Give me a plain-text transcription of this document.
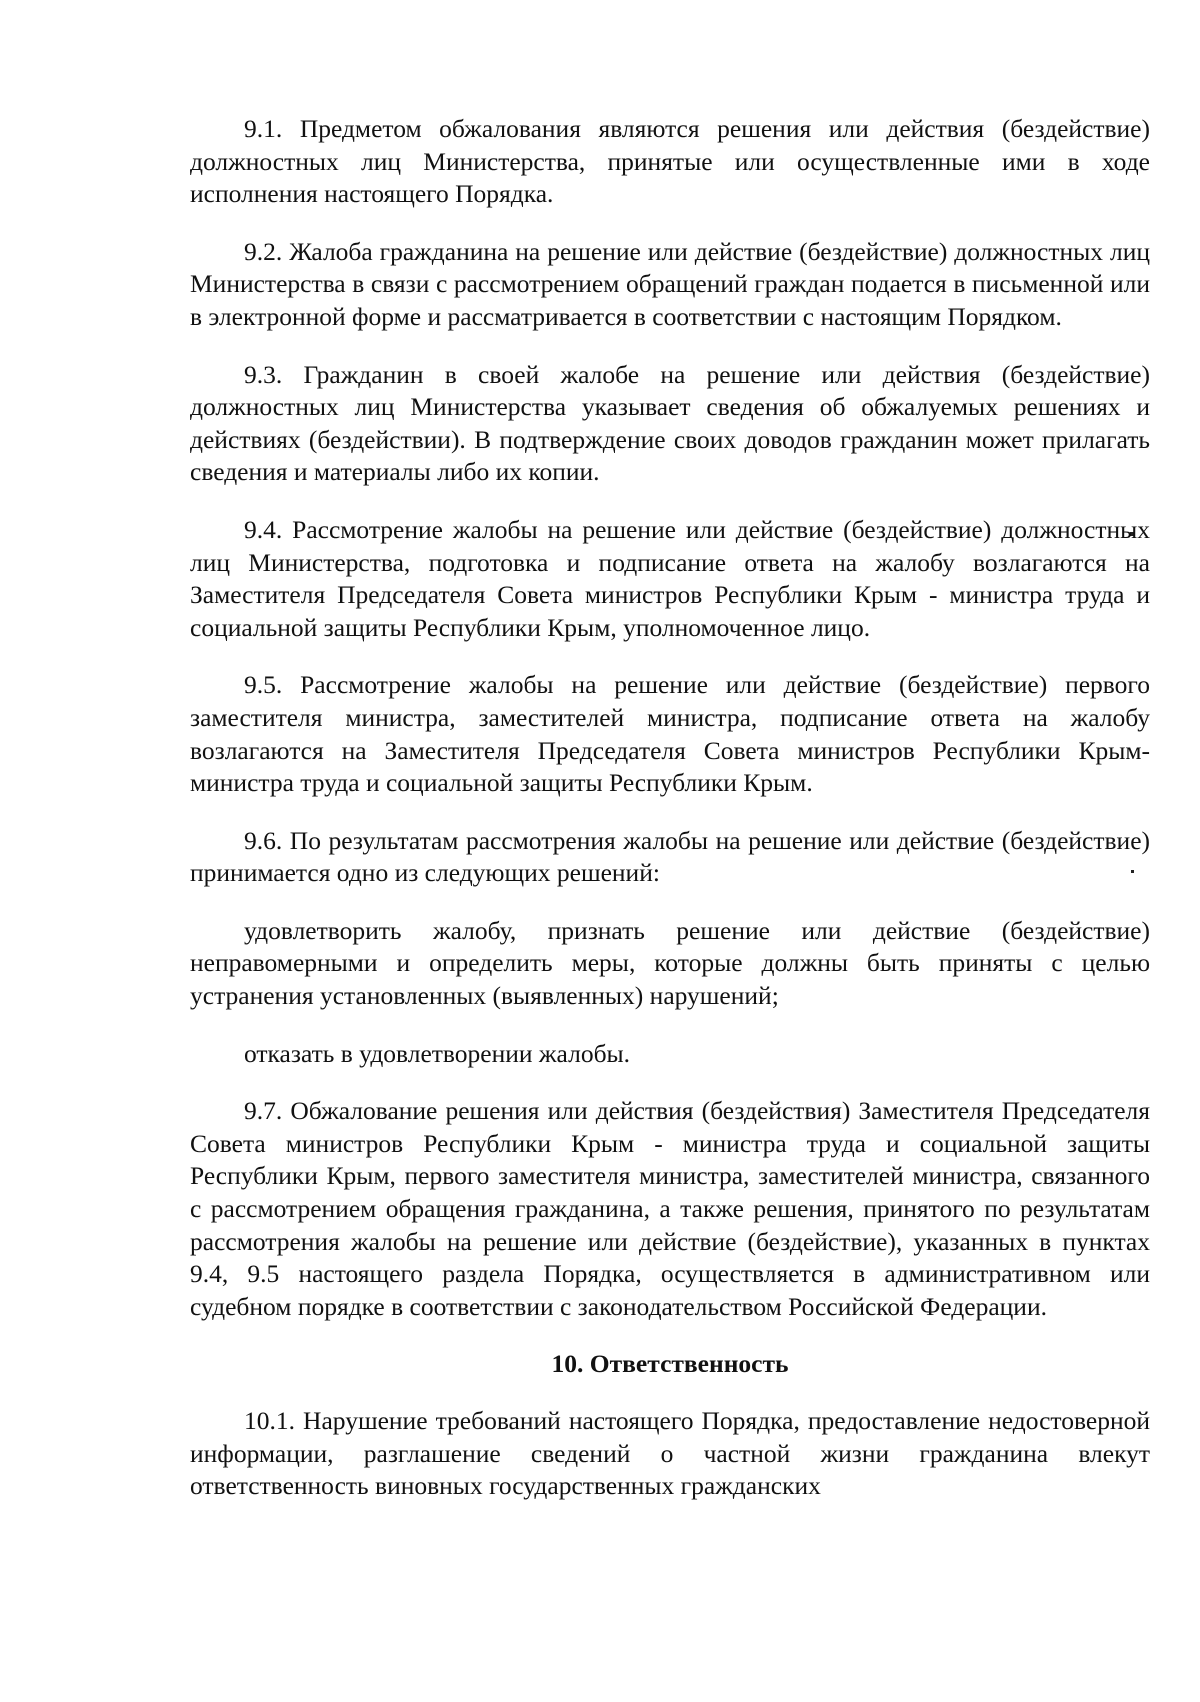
9.1. Предметом обжалования являются решения или действия (бездействие) должностных лиц Министерства, принятые или осуществленные ими в ходе исполнения настоящего Порядка.

9.2. Жалоба гражданина на решение или действие (бездействие) должностных лиц Министерства в связи с рассмотрением обращений граждан подается в письменной или в электронной форме и рассматривается в соответствии с настоящим Порядком.

9.3. Гражданин в своей жалобе на решение или действия (бездействие) должностных лиц Министерства указывает сведения об обжалуемых решениях и действиях (бездействии). В подтверждение своих доводов гражданин может прилагать сведения и материалы либо их копии.

9.4. Рассмотрение жалобы на решение или действие (бездействие) должностных лиц Министерства, подготовка и подписание ответа на жалобу возлагаются на Заместителя Председателя Совета министров Республики Крым - министра труда и социальной защиты Республики Крым, уполномоченное лицо.

9.5. Рассмотрение жалобы на решение или действие (бездействие) первого заместителя министра, заместителей министра, подписание ответа на жалобу возлагаются на Заместителя Председателя Совета министров Республики Крым- министра труда и социальной защиты Республики Крым.

9.6. По результатам рассмотрения жалобы на решение или действие (бездействие) принимается одно из следующих решений:

удовлетворить жалобу, признать решение или действие (бездействие) неправомерными и определить меры, которые должны быть приняты с целью устранения установленных (выявленных) нарушений;

отказать в удовлетворении жалобы.

9.7. Обжалование решения или действия (бездействия) Заместителя Председателя Совета министров Республики Крым - министра труда и социальной защиты Республики Крым, первого заместителя министра, заместителей министра, связанного с рассмотрением обращения гражданина, а также решения, принятого по результатам рассмотрения жалобы на решение или действие (бездействие), указанных в пунктах 9.4, 9.5 настоящего раздела Порядка, осуществляется в административном или судебном порядке в соответствии с законодательством Российской Федерации.

10. Ответственность

10.1. Нарушение требований настоящего Порядка, предоставление недостоверной информации, разглашение сведений о частной жизни гражданина влекут ответственность виновных государственных гражданских
